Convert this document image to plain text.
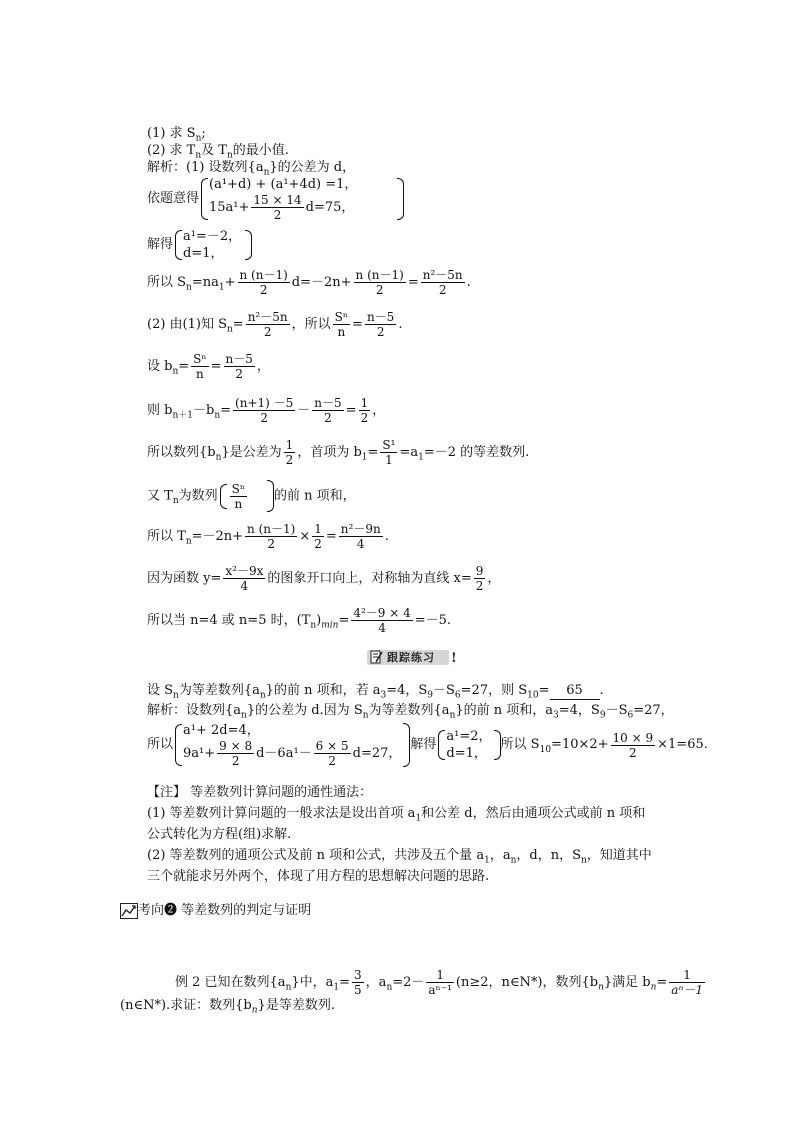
(1) 求 $S_n$;
(2) 求 $T_n$及 $T_n$的最小值.
解析：(1) 设数列$\{a_n\}$的公差为 d，
依题意得
(a¹+d) + (a¹+4d) =1，
$15a^1+ \frac{15 \times 14}{2} d=75$，
解得
a¹=－2，
d=1，
所以 $S_n=na_1+ \frac{n (n-1)}{2} d=-2n+ \frac{n (n-1)}{2} = \frac{\text{n²－5n}}{2}$ .
(2) 由(1)知 $S_n= \frac{\text{n²－5n}}{2}$ ，所以 $\frac{\text{Sⁿ}}{n} = \frac{n-5}{2}$ .
设 $b_n= \frac{\text{Sⁿ}}{n} = \frac{n-5}{2}$ ，
则 $b_{n+1}-b_n= \frac{(n+1) -5}{2} - \frac{n-5}{2} = \frac{1}{2}$ ，
所以数列$\{b_n\}$是公差为 $\frac{1}{2}$ ，首项为 $b_1= \frac{\text{S¹}}{1} =a_1=-2$ 的等差数列.
又 $T_n$为数列 $\frac{\text{Sⁿ}}{n}$ 的前 n 项和，
所以 $T_n=-2n+ \frac{n (n-1)}{2} \times \frac{1}{2} = \frac{\text{n²－9n}}{4}$ .
因为函数 $y= \frac{\text{x²－9x}}{4}$ 的图象开口向上，对称轴为直线 $x= \frac{9}{2}$ ，
所以当 n=4 或 n=5 时，$(T_n)_{min}= \frac{\text{4²－9 × 4}}{4} =-5$.
跟踪练习 !
设 $S_n$为等差数列$\{a_n\}$的前 n 项和，若 $a_3=4$，$S_9-S_6=27$，则 $S_{10}= 65$ .
解析：设数列$\{a_n\}$的公差为 d.因为 $S_n$为等差数列$\{a_n\}$的前 n 项和，$a_3=4$，$S_9-S_6=27$，
所以
a¹+ 2d=4，
$9a^1+ \frac{9 \times 8}{2} d-6a^1- \frac{6 \times 5}{2} d=27$，
解得
a¹=2，
d=1，
所以 $S_{10}=10\times 2+ \frac{10 \times 9}{2} \times 1=65$.
【注】 等差数列计算问题的通性通法：
(1) 等差数列计算问题的一般求法是设出首项 $a_1$和公差 d，然后由通项公式或前 n 项和
公式转化为方程(组)求解.
(2) 等差数列的通项公式及前 n 项和公式，共涉及五个量 $a_1$，$a_n$，d，n，$S_n$，知道其中
三个就能求另外两个，体现了用方程的思想解决问题的思路.
考向❷ 等差数列的判定与证明
例 2 已知在数列$\{a_n\}$中，$a_1= \frac{3}{5}$ ，$a_n=2- \frac{1}{\text{aⁿ⁻¹}} (n\ge 2$，n∈N*)，数列$\{b_n\}$满足 $b_n= \frac{1}{\text{aⁿ－1}}$
(n∈N*).求证：数列$\{b_n\}$是等差数列.
